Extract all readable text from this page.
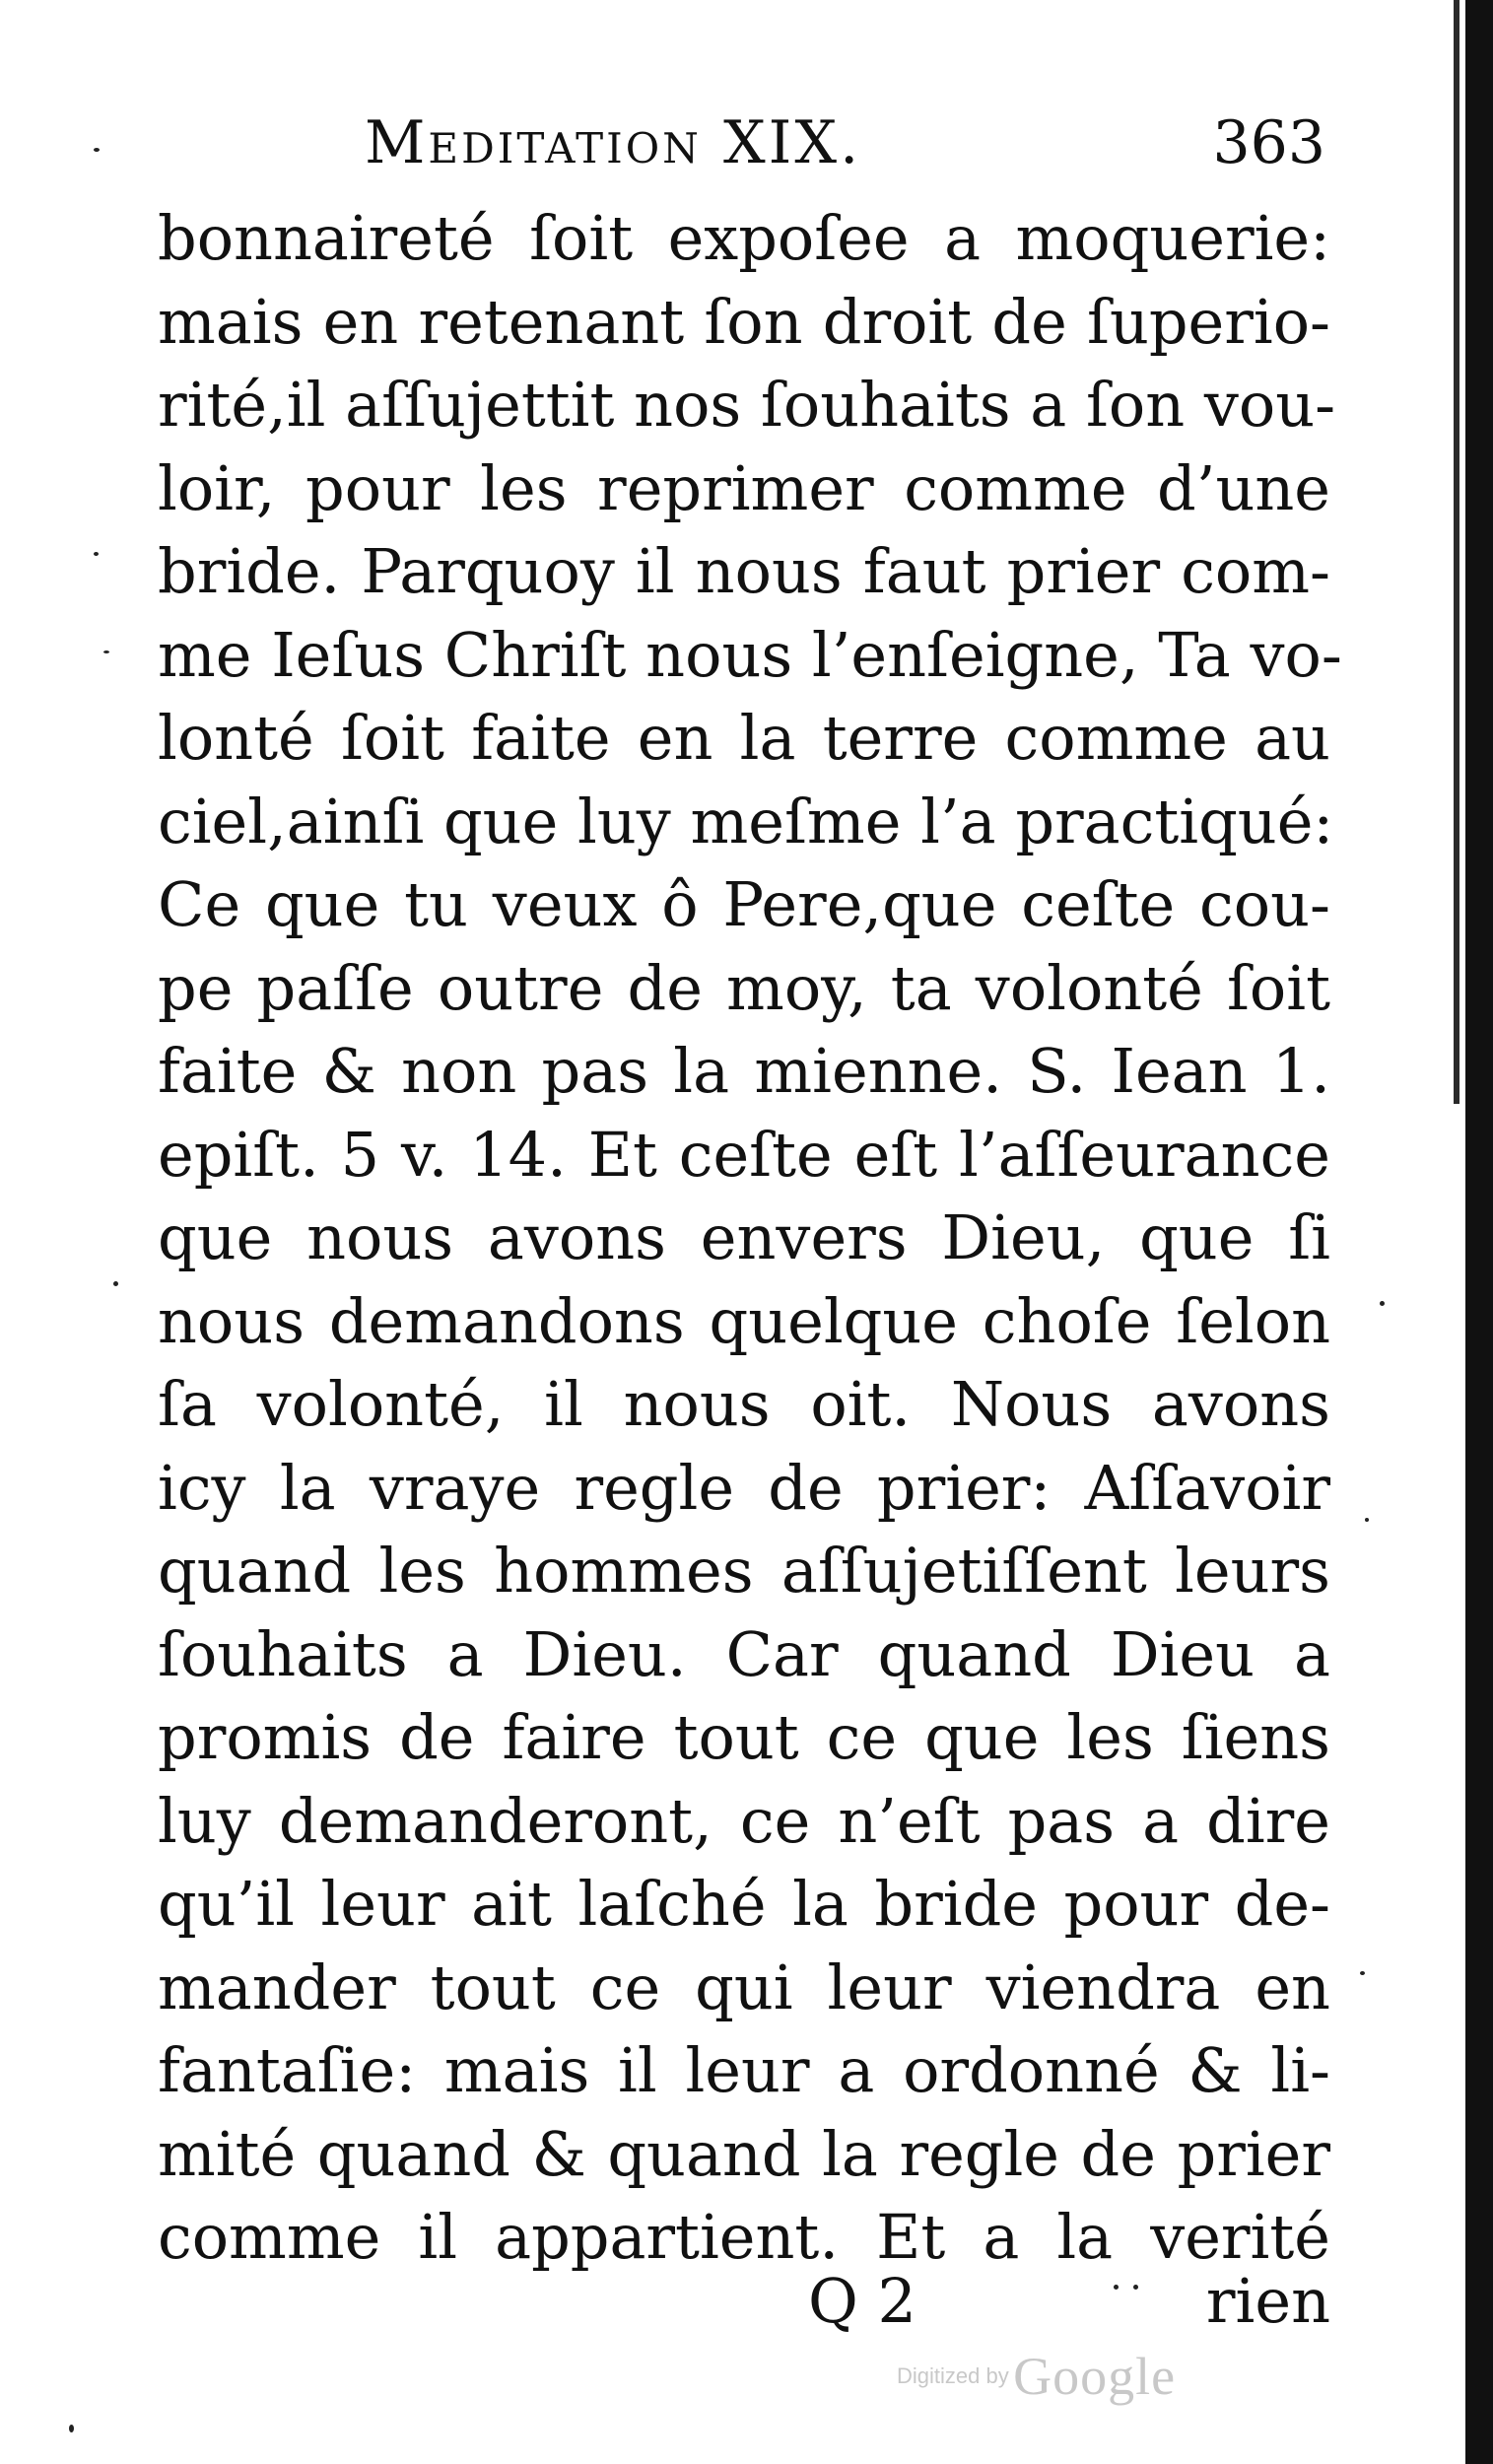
Meditation XIX.	363
bonnaireté ſoit expoſee a moquerie:
mais en retenant ſon droit de ſuperio-
rité,il aſſujettit nos ſouhaits a ſon vou-
loir, pour les reprimer comme d’une
bride. Parquoy il nous faut prier com-
me Ieſus Chriſt nous l’enſeigne, Ta vo-
lonté ſoit faite en la terre comme au
ciel,ainſi que luy meſme l’a practiqué:
Ce que tu veux ô Pere,que ceſte cou-
pe paſſe outre de moy, ta volonté ſoit
faite & non pas la mienne. S. Iean 1.
epiſt. 5 v. 14. Et ceſte eſt l’aſſeurance
que nous avons envers Dieu, que ſi
nous demandons quelque choſe ſelon
ſa volonté, il nous oit. Nous avons
icy la vraye regle de prier: Aſſavoir
quand les hommes aſſujetiſſent leurs
ſouhaits a Dieu. Car quand Dieu a
promis de faire tout ce que les ſiens
luy demanderont, ce n’eſt pas a dire
qu’il leur ait laſché la bride pour de-
mander tout ce qui leur viendra en
fantaſie: mais il leur a ordonné & li-
mité quand & quand la regle de prier
comme il appartient. Et a la verité
Q 2	rien
Digitized by Google
